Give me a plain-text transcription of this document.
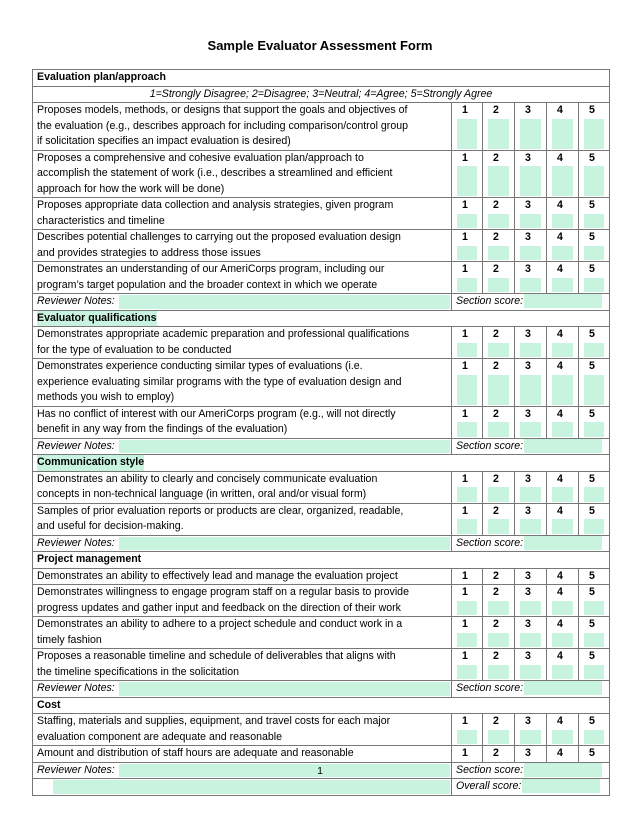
Sample Evaluator Assessment Form
Evaluation plan/approach					
1=Strongly Disagree; 2=Disagree; 3=Neutral; 4=Agree; 5=Strongly Agree					

Proposes models, methods, or designs that support the goals and objectives of
the evaluation (e.g., describes approach for including comparison/control group
if solicitation specifies an impact evaluation is desired)	1	2	3	4	5

Proposes a comprehensive and cohesive evaluation plan/approach to
accomplish the statement of work (i.e., describes a streamlined and efficient
approach for how the work will be done)	1	2	3	4	5

Proposes appropriate data collection and analysis strategies, given program
characteristics and timeline	1	2	3	4	5

Describes potential challenges to carrying out the proposed evaluation design
and provides strategies to address those issues	1	2	3	4	5

Demonstrates an understanding of our AmeriCorps program, including our
program’s target population and the broader context in which we operate	1	2	3	4	5

Reviewer Notes:	Section score:				
Evaluator qualifications					

Demonstrates appropriate academic preparation and professional qualifications
for the type of evaluation to be conducted	1	2	3	4	5

Demonstrates experience conducting similar types of evaluations (i.e.
experience evaluating similar programs with the type of evaluation design and
methods you wish to employ)	1	2	3	4	5

Has no conflict of interest with our AmeriCorps program (e.g., will not directly
benefit in any way from the findings of the evaluation)	1	2	3	4	5

Reviewer Notes:	Section score:				
Communication style					

Demonstrates an ability to clearly and concisely communicate evaluation
concepts in non-technical language (in written, oral and/or visual form)	1	2	3	4	5

Samples of prior evaluation reports or products are clear, organized, readable,
and useful for decision-making.	1	2	3	4	5

Reviewer Notes:	Section score:				
Project management					

Demonstrates an ability to effectively lead and manage the evaluation project	1	2	3	4	5

Demonstrates willingness to engage program staff on a regular basis to provide
progress updates and gather input and feedback on the direction of their work	1	2	3	4	5

Demonstrates an ability to adhere to a project schedule and conduct work in a
timely fashion	1	2	3	4	5

Proposes a reasonable timeline and schedule of deliverables that aligns with
the timeline specifications in the solicitation	1	2	3	4	5

Reviewer Notes:	Section score:				
Cost					

Staffing, materials and supplies, equipment, and travel costs for each major
evaluation component are adequate and reasonable	1	2	3	4	5

Amount and distribution of staff hours are adequate and reasonable	1	2	3	4	5

Reviewer Notes:	Section score:				

	Overall score:				
1
